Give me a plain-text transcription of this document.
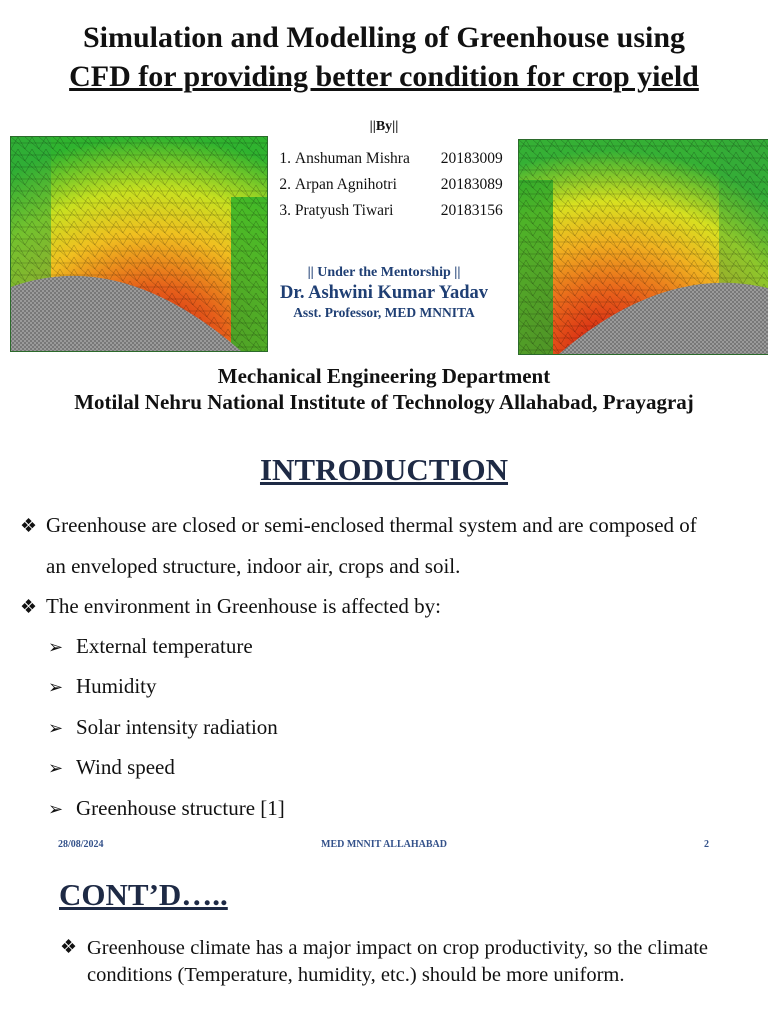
Simulation and Modelling of Greenhouse using
CFD for providing better condition for crop yield
||By||
1. Anshuman Mishra 20183009
2. Arpan Agnihotri	20183089
3. Pratyush Tiwari	20183156
|| Under the Mentorship ||
Dr. Ashwini Kumar Yadav
Asst. Professor, MED MNNITA
Mechanical Engineering Department
Motilal Nehru National Institute of Technology Allahabad, Prayagraj
INTRODUCTION
❖ Greenhouse are closed or semi-enclosed thermal system and are composed of
an enveloped structure, indoor air, crops and soil.
❖ The environment in Greenhouse is affected by:
➢ External temperature
➢ Humidity
➢ Solar intensity radiation
➢ Wind speed
➢ Greenhouse structure [1]
28/08/2024	MED MNNIT ALLAHABAD	2
CONT’D…..
❖ Greenhouse climate has a major impact on crop productivity, so the climate conditions (Temperature, humidity, etc.) should be more uniform.
